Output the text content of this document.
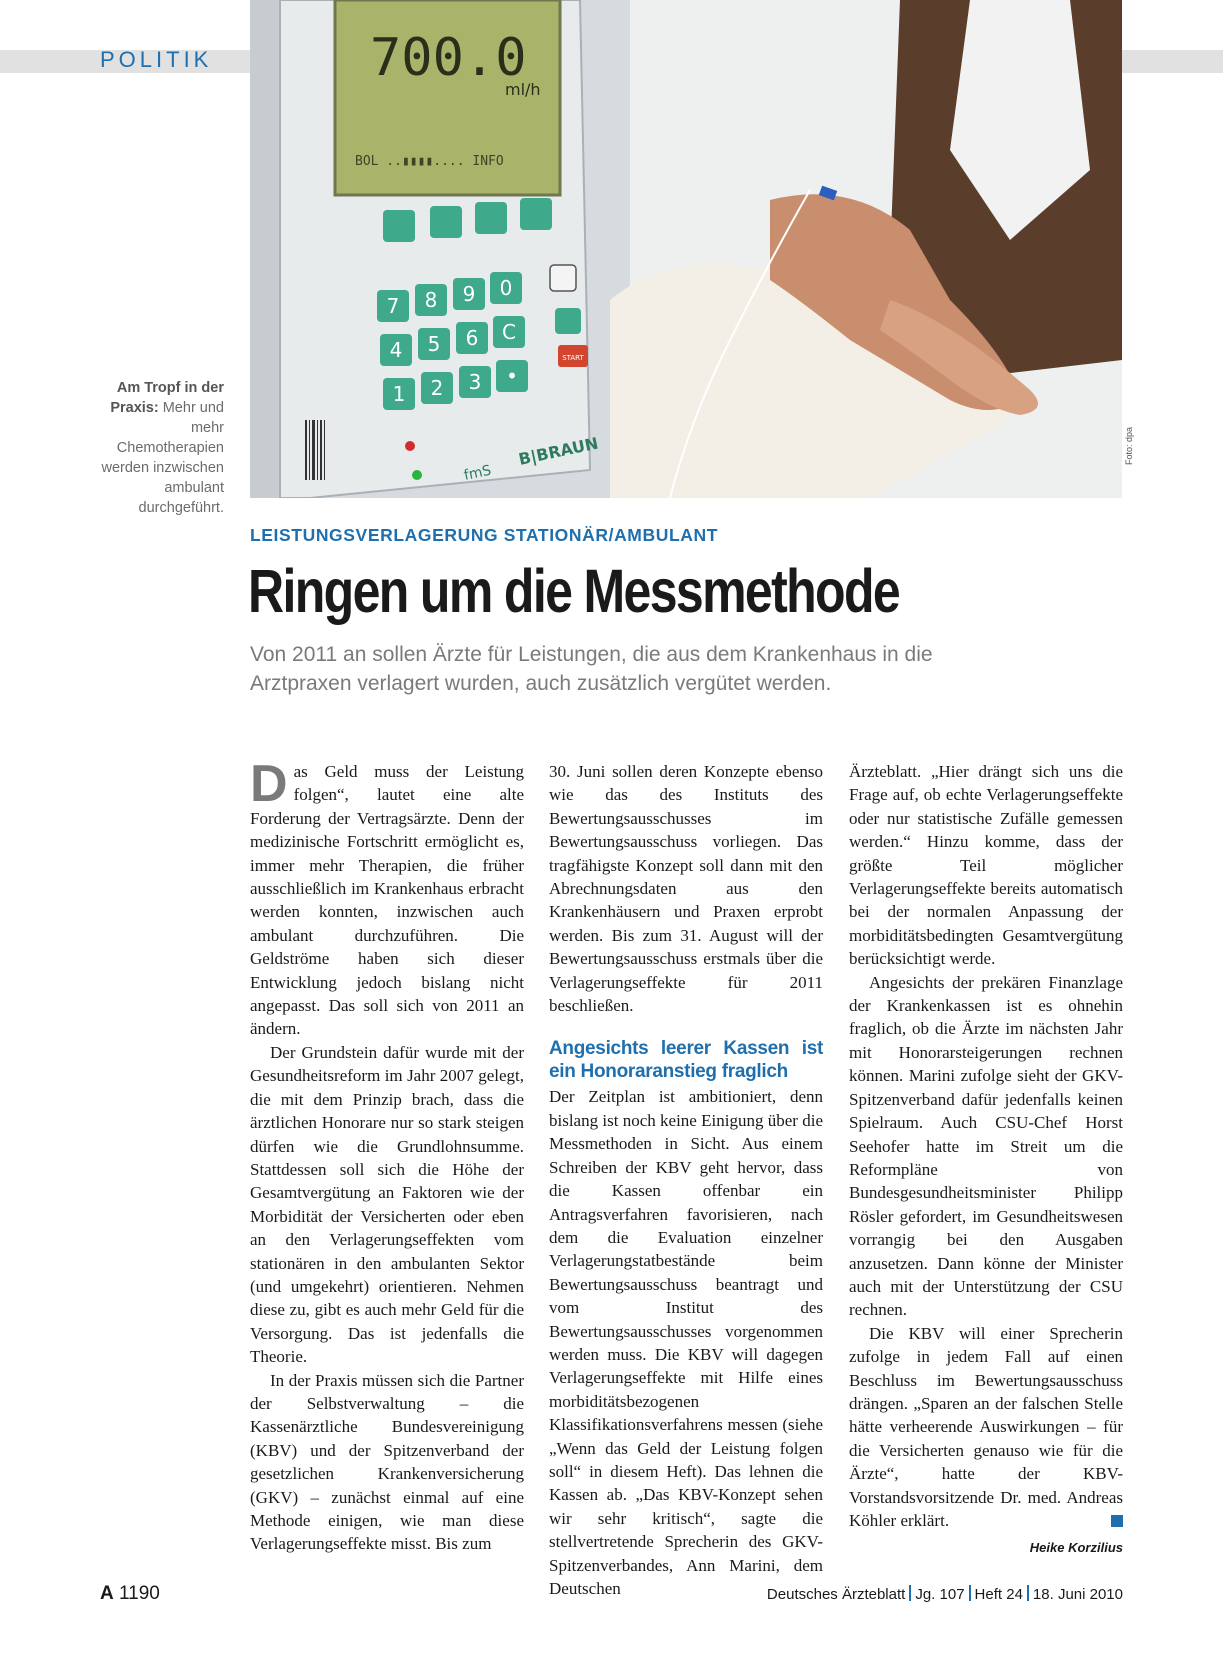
POLITIK	700.0
ml/h
BOL ..▮▮▮▮.... INFO
7 8 9 0
4 5 6 C
1 2 3 •
START
B|BRAUN
fmS
Foto: dpa
Am Tropf in der Praxis: Mehr und mehr Chemotherapien werden inzwischen ambulant durchgeführt.
LEISTUNGSVERLAGERUNG STATIONÄR/AMBULANT
Ringen um die Messmethode
Von 2011 an sollen Ärzte für Leistungen, die aus dem Krankenhaus in die Arztpraxen verlagert wurden, auch zusätzlich vergütet werden.

Das Geld muss der Leistung folgen“, lautet eine alte Forderung der Vertragsärzte. Denn der medizinische Fortschritt ermöglicht es, immer mehr Therapien, die früher ausschließlich im Krankenhaus erbracht werden konnten, inzwischen auch ambulant durchzuführen. Die Geldströme haben sich dieser Entwicklung jedoch bislang nicht angepasst. Das soll sich von 2011 an ändern.

Der Grundstein dafür wurde mit der Gesundheitsreform im Jahr 2007 gelegt, die mit dem Prinzip brach, dass die ärztlichen Honorare nur so stark steigen dürfen wie die Grundlohnsumme. Stattdessen soll sich die Höhe der Gesamtvergütung an Faktoren wie der Morbidität der Versicherten oder eben an den Verlagerungseffekten vom stationären in den ambulanten Sektor (und umgekehrt) orientieren. Nehmen diese zu, gibt es auch mehr Geld für die Versorgung. Das ist jedenfalls die Theorie.

In der Praxis müssen sich die Partner der Selbstverwaltung – die Kassenärztliche Bundesvereinigung (KBV) und der Spitzenverband der gesetzlichen Krankenversicherung (GKV) – zunächst einmal auf eine Methode einigen, wie man diese Verlagerungseffekte misst. Bis zum

30. Juni sollen deren Konzepte ebenso wie das des Instituts des Bewertungsausschusses im Bewertungsausschuss vorliegen. Das tragfähigste Konzept soll dann mit den Abrechnungsdaten aus den Krankenhäusern und Praxen erprobt werden. Bis zum 31. August will der Bewertungsausschuss erstmals über die Verlagerungseffekte für 2011 beschließen.

Angesichts leerer Kassen ist ein Honoraranstieg fraglich

Der Zeitplan ist ambitioniert, denn bislang ist noch keine Einigung über die Messmethoden in Sicht. Aus einem Schreiben der KBV geht hervor, dass die Kassen offenbar ein Antragsverfahren favorisieren, nach dem die Evaluation einzelner Verlagerungstatbestände beim Bewertungsausschuss beantragt und vom Institut des Bewertungsausschusses vorgenommen werden muss. Die KBV will dagegen Verlagerungseffekte mit Hilfe eines morbiditätsbezogenen Klassifikationsverfahrens messen (siehe „Wenn das Geld der Leistung folgen soll“ in diesem Heft). Das lehnen die Kassen ab. „Das KBV-Konzept sehen wir sehr kritisch“, sagte die stellvertretende Sprecherin des GKV-Spitzenverbandes, Ann Marini, dem Deutschen

Ärzteblatt. „Hier drängt sich uns die Frage auf, ob echte Verlagerungseffekte oder nur statistische Zufälle gemessen werden.“ Hinzu komme, dass der größte Teil möglicher Verlagerungseffekte bereits automatisch bei der normalen Anpassung der morbiditätsbedingten Gesamtvergütung berücksichtigt werde.

Angesichts der prekären Finanzlage der Krankenkassen ist es ohnehin fraglich, ob die Ärzte im nächsten Jahr mit Honorarsteigerungen rechnen können. Marini zufolge sieht der GKV-Spitzenverband dafür jedenfalls keinen Spielraum. Auch CSU-Chef Horst Seehofer hatte im Streit um die Reformpläne von Bundesgesundheitsminister Philipp Rösler gefordert, im Gesundheitswesen vorrangig bei den Ausgaben anzusetzen. Dann könne der Minister auch mit der Unterstützung der CSU rechnen.

Die KBV will einer Sprecherin zufolge in jedem Fall auf einen Beschluss im Bewertungsausschuss drängen. „Sparen an der falschen Stelle hätte verheerende Auswirkungen – für die Versicherten genauso wie für die Ärzte“, hatte der KBV-Vorstandsvorsitzende Dr. med. Andreas Köhler erklärt.

Heike Korzilius
A 1190	Deutsches Ärzteblatt Jg. 107 Heft 24 18. Juni 2010
